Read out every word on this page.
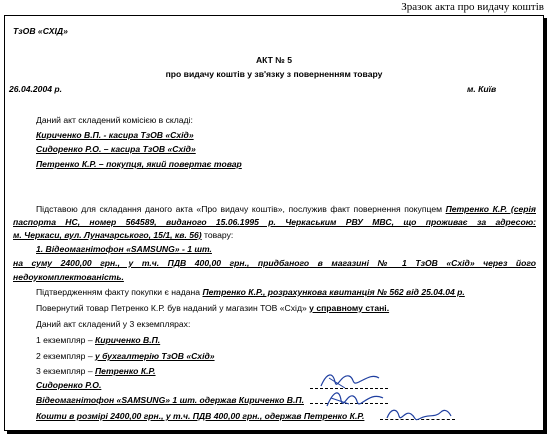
Зразок акта про видачу коштів
ТзОВ «СХІД»
АКТ № 5
про видачу коштів у зв'язку з поверненням товару
26.04.2004 р.	м. Київ
Даний акт складений комісією в складі:
Кириченко В.П. - касира ТзОВ «Схід»
Сидоренко Р.О. – касира ТзОВ «Схід»
Петренко К.Р. – покупця, який повертає товар
Підставою для складання даного акта «Про видачу коштів», послужив факт повернення покупцем Петренко К.Р. (серія
паспорта НС, номер 564589, виданого 15.06.1995 р. Черкаським РВУ МВС, що проживає за адресою:
м. Черкаси, вул. Луначарського, 15/1, кв. 56) товару:
1. Відеомагнітофон «SAMSUNG» - 1 шт.
на суму 2400,00 грн., у т.ч. ПДВ 400,00 грн., придбаного в магазині № 1 ТзОВ «Схід» через його
недоукомплектованість.
Підтвердженням факту покупки є надана Петренко К.Р., розрахункова квитанція № 562 від 25.04.04 р.
Повернутий товар Петренко К.Р. був наданий у магазин ТОВ «Схід» у справному стані.
Даний акт складений у 3 екземплярах:
1 екземпляр – Кириченко В.П.
2 екземпляр – у бухгалтерію ТзОВ «Схід»
3 екземпляр – Петренко К.Р.
Сидоренко Р.О.
Відеомагнітофон «SAMSUNG» 1 шт. одержав Кириченко В.П.
Кошти в розмірі 2400,00 грн., у т.ч. ПДВ 400,00 грн., одержав Петренко К.Р.
